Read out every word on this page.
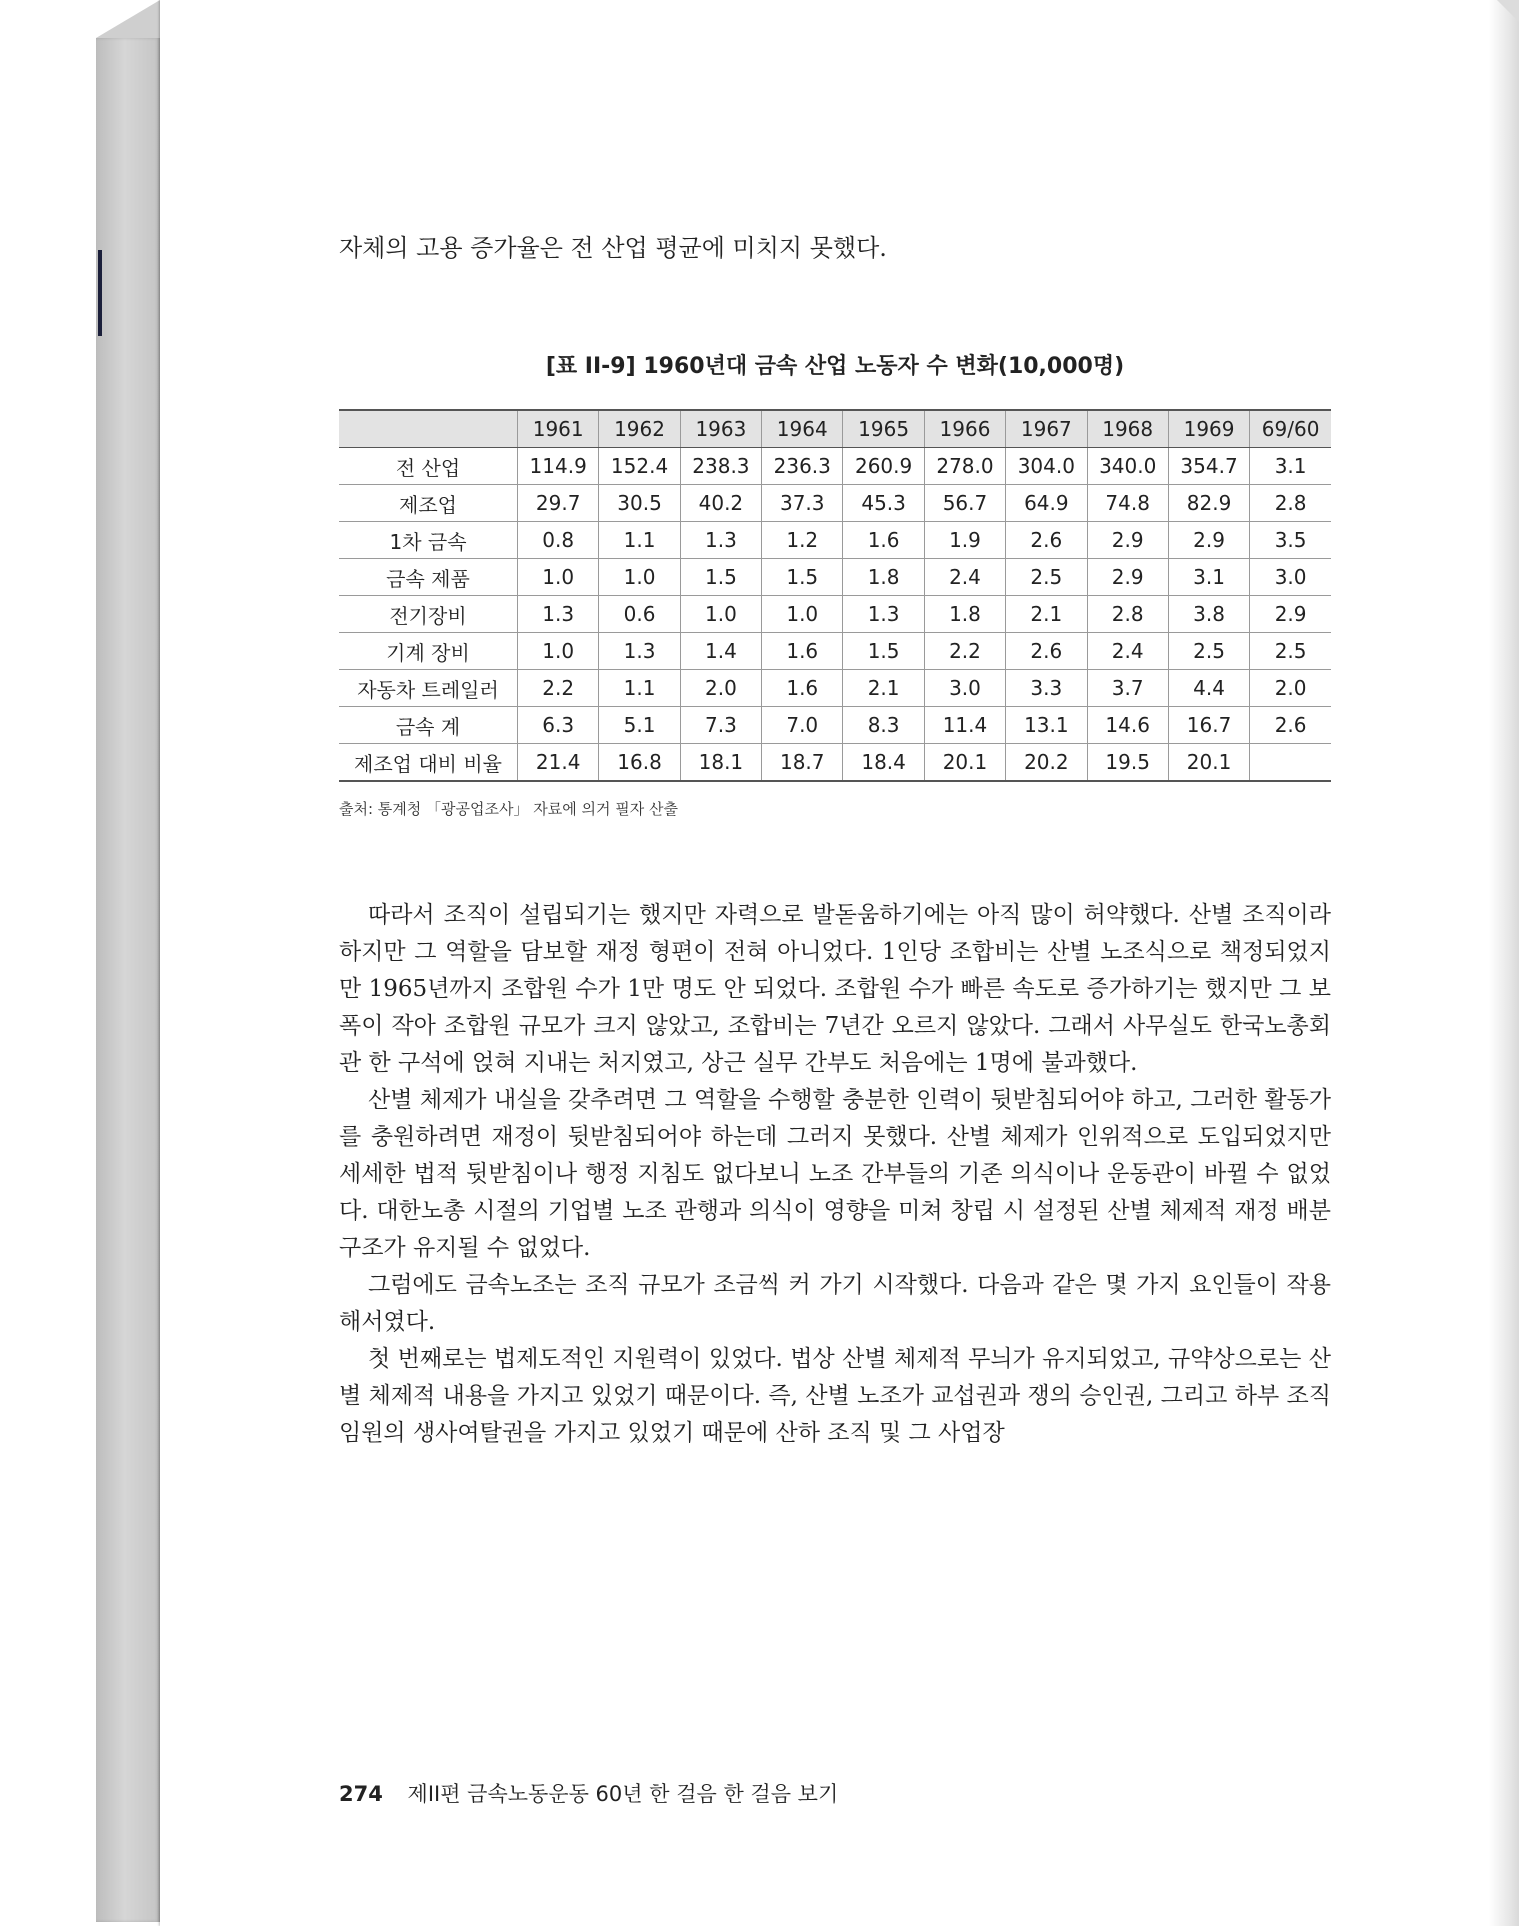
자체의 고용 증가율은 전 산업 평균에 미치지 못했다.
[표 II-9] 1960년대 금속 산업 노동자 수 변화(10,000명)
	1961	1962	1963	1964	1965	1966	1967	1968	1969	69/60
전 산업	114.9	152.4	238.3	236.3	260.9	278.0	304.0	340.0	354.7	3.1
제조업	29.7	30.5	40.2	37.3	45.3	56.7	64.9	74.8	82.9	2.8
1차 금속	0.8	1.1	1.3	1.2	1.6	1.9	2.6	2.9	2.9	3.5
금속 제품	1.0	1.0	1.5	1.5	1.8	2.4	2.5	2.9	3.1	3.0
전기장비	1.3	0.6	1.0	1.0	1.3	1.8	2.1	2.8	3.8	2.9
기계 장비	1.0	1.3	1.4	1.6	1.5	2.2	2.6	2.4	2.5	2.5
자동차 트레일러	2.2	1.1	2.0	1.6	2.1	3.0	3.3	3.7	4.4	2.0
금속 계	6.3	5.1	7.3	7.0	8.3	11.4	13.1	14.6	16.7	2.6
제조업 대비 비율	21.4	16.8	18.1	18.7	18.4	20.1	20.2	19.5	20.1	
출처: 통계청 「광공업조사」 자료에 의거 필자 산출

따라서 조직이 설립되기는 했지만 자력으로 발돋움하기에는 아직 많이 허약했다. 산별 조직이라 하지만 그 역할을 담보할 재정 형편이 전혀 아니었다. 1인당 조합비는 산별 노조식으로 책정되었지만 1965년까지 조합원 수가 1만 명도 안 되었다. 조합원 수가 빠른 속도로 증가하기는 했지만 그 보폭이 작아 조합원 규모가 크지 않았고, 조합비는 7년간 오르지 않았다. 그래서 사무실도 한국노총회관 한 구석에 얹혀 지내는 처지였고, 상근 실무 간부도 처음에는 1명에 불과했다.

산별 체제가 내실을 갖추려면 그 역할을 수행할 충분한 인력이 뒷받침되어야 하고, 그러한 활동가를 충원하려면 재정이 뒷받침되어야 하는데 그러지 못했다. 산별 체제가 인위적으로 도입되었지만 세세한 법적 뒷받침이나 행정 지침도 없다보니 노조 간부들의 기존 의식이나 운동관이 바뀔 수 없었다. 대한노총 시절의 기업별 노조 관행과 의식이 영향을 미쳐 창립 시 설정된 산별 체제적 재정 배분 구조가 유지될 수 없었다.

그럼에도 금속노조는 조직 규모가 조금씩 커 가기 시작했다. 다음과 같은 몇 가지 요인들이 작용해서였다.

첫 번째로는 법제도적인 지원력이 있었다. 법상 산별 체제적 무늬가 유지되었고, 규약상으로는 산별 체제적 내용을 가지고 있었기 때문이다. 즉, 산별 노조가 교섭권과 쟁의 승인권, 그리고 하부 조직 임원의 생사여탈권을 가지고 있었기 때문에 산하 조직 및 그 사업장

274 제II편 금속노동운동 60년 한 걸음 한 걸음 보기
